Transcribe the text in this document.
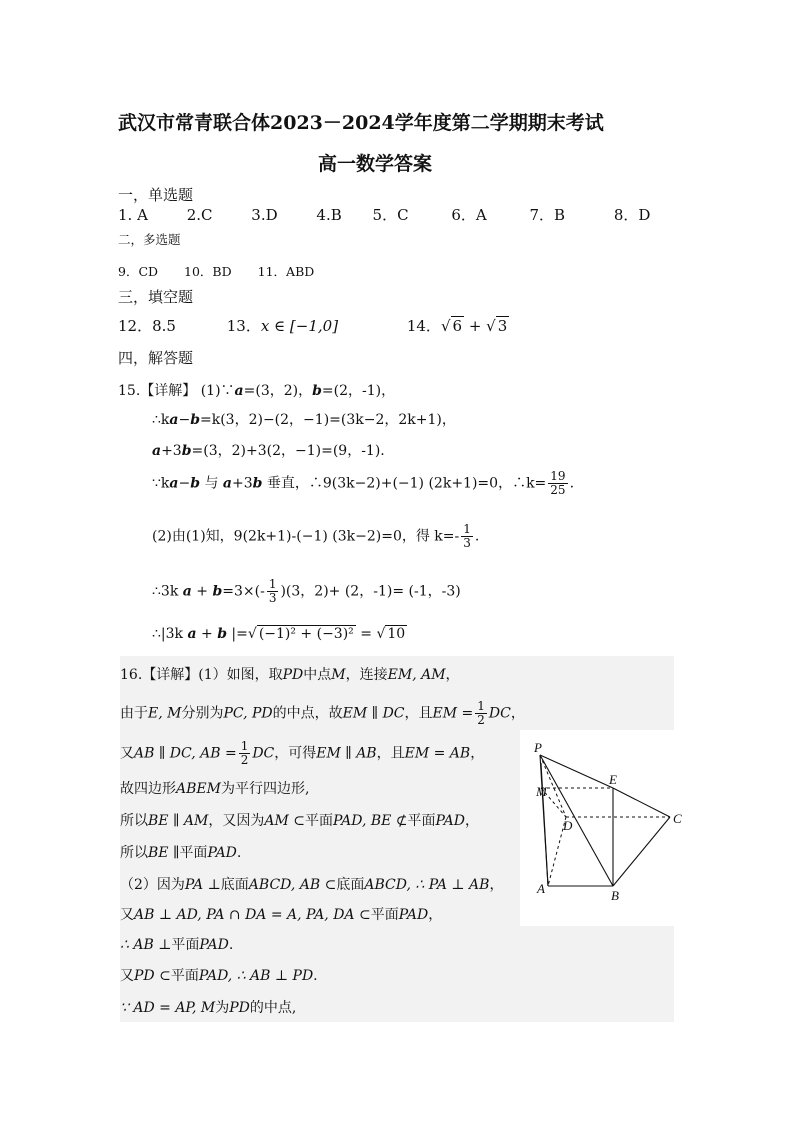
武汉市常青联合体2023－2024学年度第二学期期末考试
高一数学答案
一，单选题
1. A	2.C	3.D	4.B 5．C	6．A	7．B	8．D
二，多选题
9．CD 10．BD 11．ABD
三，填空题
12．8.5	13．x ∈ [−1,0]	14．√ 6 + √ 3
四，解答题
15.【详解】 (1)∵a=(3，2)，b=(2，-1)，
∴ka−b=k(3，2)−(2，−1)=(3k−2，2k+1)，
a+3b=(3，2)+3(2，−1)=(9，-1).
∵ka−b 与 a+3b 垂直，∴9(3k−2)+(−1) (2k+1)=0，∴k= $\frac{19}{25}$ .
(2)由(1)知，9(2k+1)-(−1) (3k−2)=0，得 $k=- \frac{1}{3}$ .
∴3k $a + b=3\times(- \frac{1}{3} )(3$，2)+ (2，-1)= (-1，-3)
∴|3k a + b |=√ (−1)² + (−3)² = √ 10
P
E
M
D	C
A	B
16.【详解】(1）如图，取PD中点M，连接EM, AM，
由于E, M分别为PC, PD的中点，故EM ∥ DC，且EM = $\frac{1}{2}$ DC，
又AB ∥ DC, AB = $\frac{1}{2}$ DC，可得EM ∥ AB，且EM = AB，
故四边形ABEM为平行四边形,
所以BE ∥ AM，又因为AM ⊂平面PAD, BE ⊄平面PAD，
所以BE ∥平面PAD.
（2）因为PA ⊥底面ABCD, AB ⊂底面ABCD, ∴ PA ⊥ AB，
又AB ⊥ AD, PA ∩ DA = A, PA, DA ⊂平面PAD，
∴ AB ⊥平面PAD.
又PD ⊂平面PAD, ∴ AB ⊥ PD.
∵ AD = AP, M为PD的中点,
